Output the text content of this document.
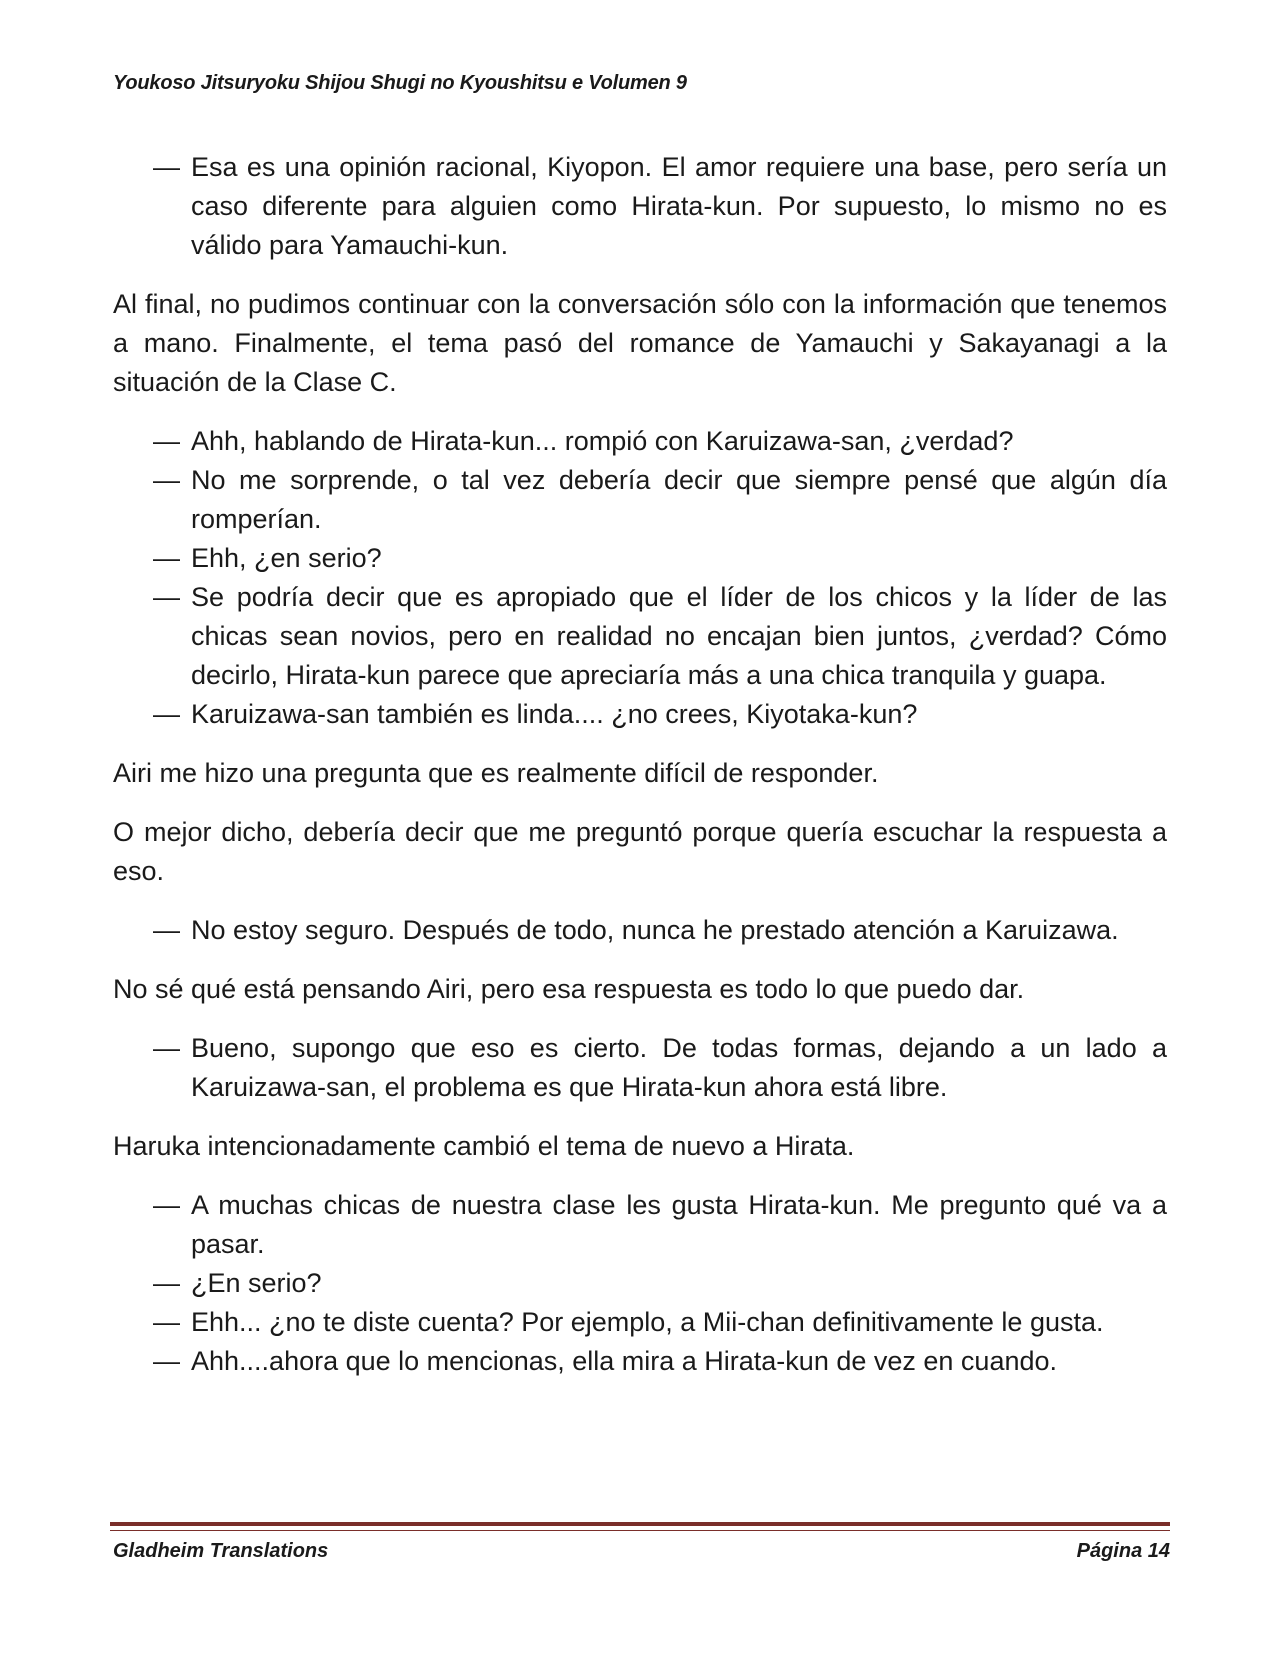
Youkoso Jitsuryoku Shijou Shugi no Kyoushitsu e Volumen 9
— Esa es una opinión racional, Kiyopon. El amor requiere una base, pero sería un caso diferente para alguien como Hirata-kun. Por supuesto, lo mismo no es válido para Yamauchi-kun.

Al final, no pudimos continuar con la conversación sólo con la información que tenemos a mano. Finalmente, el tema pasó del romance de Yamauchi y Sakayanagi a la situación de la Clase C.

— Ahh, hablando de Hirata-kun... rompió con Karuizawa-san, ¿verdad?
— No me sorprende, o tal vez debería decir que siempre pensé que algún día romperían.
— Ehh, ¿en serio?
— Se podría decir que es apropiado que el líder de los chicos y la líder de las chicas sean novios, pero en realidad no encajan bien juntos, ¿verdad? Cómo decirlo, Hirata-kun parece que apreciaría más a una chica tranquila y guapa.
— Karuizawa-san también es linda.... ¿no crees, Kiyotaka-kun?

Airi me hizo una pregunta que es realmente difícil de responder.

O mejor dicho, debería decir que me preguntó porque quería escuchar la respuesta a eso.

— No estoy seguro. Después de todo, nunca he prestado atención a Karuizawa.

No sé qué está pensando Airi, pero esa respuesta es todo lo que puedo dar.

— Bueno, supongo que eso es cierto. De todas formas, dejando a un lado a Karuizawa-san, el problema es que Hirata-kun ahora está libre.

Haruka intencionadamente cambió el tema de nuevo a Hirata.

— A muchas chicas de nuestra clase les gusta Hirata-kun. Me pregunto qué va a pasar.
— ¿En serio?
— Ehh... ¿no te diste cuenta? Por ejemplo, a Mii-chan definitivamente le gusta.
— Ahh....ahora que lo mencionas, ella mira a Hirata-kun de vez en cuando.
Gladheim Translations	Página 14
